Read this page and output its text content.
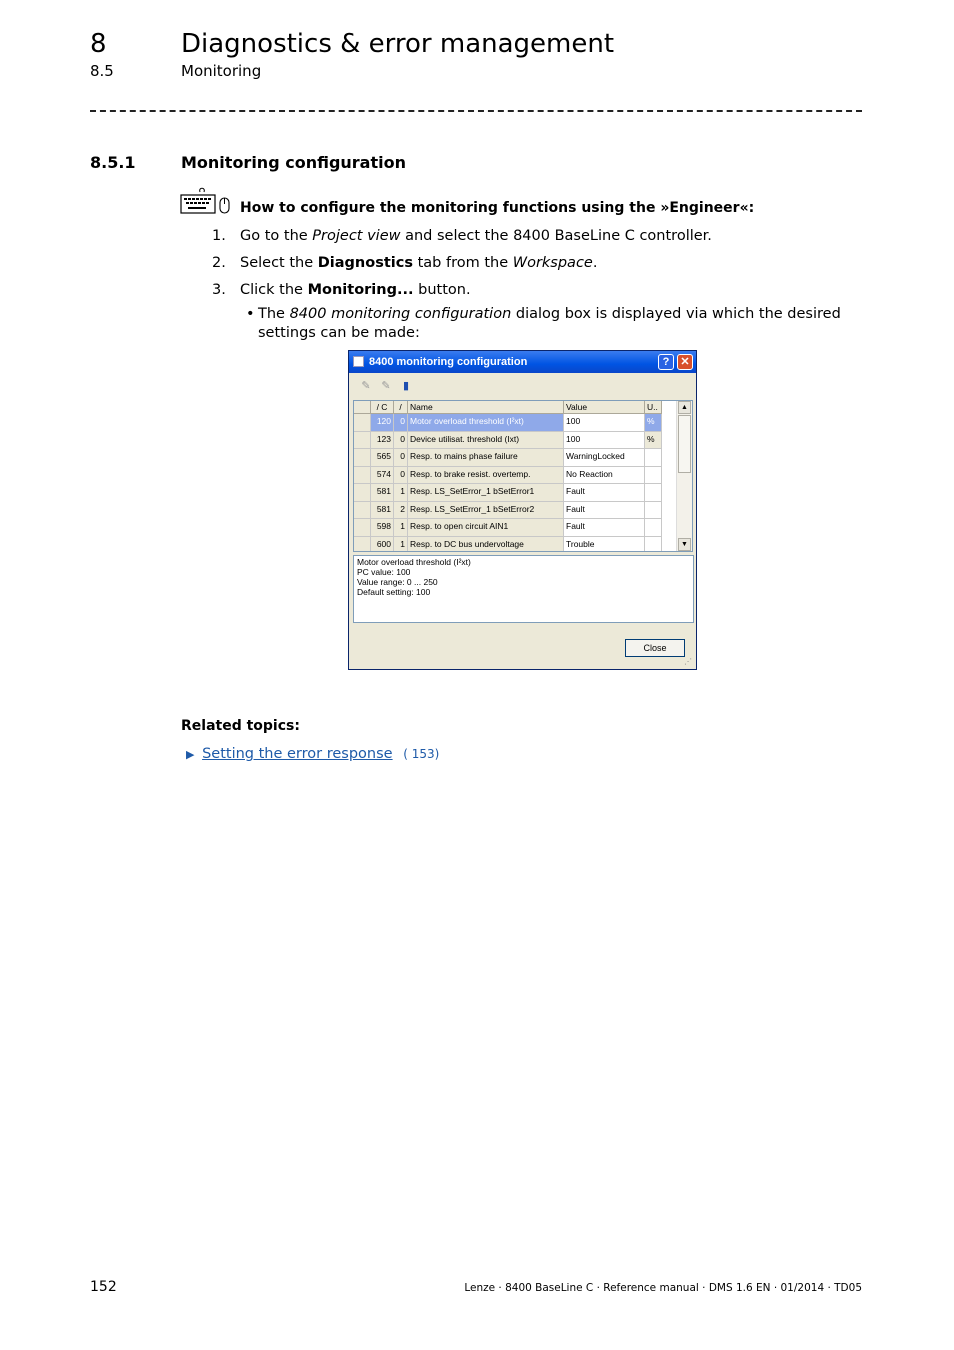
8	Diagnostics & error management
8.5	Monitoring
8.5.1	Monitoring configuration
How to configure the monitoring functions using the »Engineer«:
1. Go to the Project view and select the 8400 BaseLine C controller.
2. Select the Diagnostics tab from the Workspace.
3. Click the Monitoring... button.
• The 8400 monitoring configuration dialog box is displayed via which the desired settings can be made:
8400 monitoring configuration	?	✕
✎ ✎	▮
/ C	/ Name	Value	U..
120	0 Motor overload threshold (I²xt)	100	%
123	0 Device utilisat. threshold (Ixt)	100	%
565	0 Resp. to mains phase failure	WarningLocked
574	0 Resp. to brake resist. overtemp.	No Reaction
581	1 Resp. LS_SetError_1 bSetError1	Fault
581	2 Resp. LS_SetError_1 bSetError2	Fault
598	1 Resp. to open circuit AIN1	Fault
600	1 Resp. to DC bus undervoltage	Trouble
▲
▼
Motor overload threshold (I²xt)
PC value: 100
Value range: 0 ... 250
Default setting: 100
Close
⋰
Related topics:
▶ Setting the error response ( 153)
152	Lenze · 8400 BaseLine C · Reference manual · DMS 1.6 EN · 01/2014 · TD05
